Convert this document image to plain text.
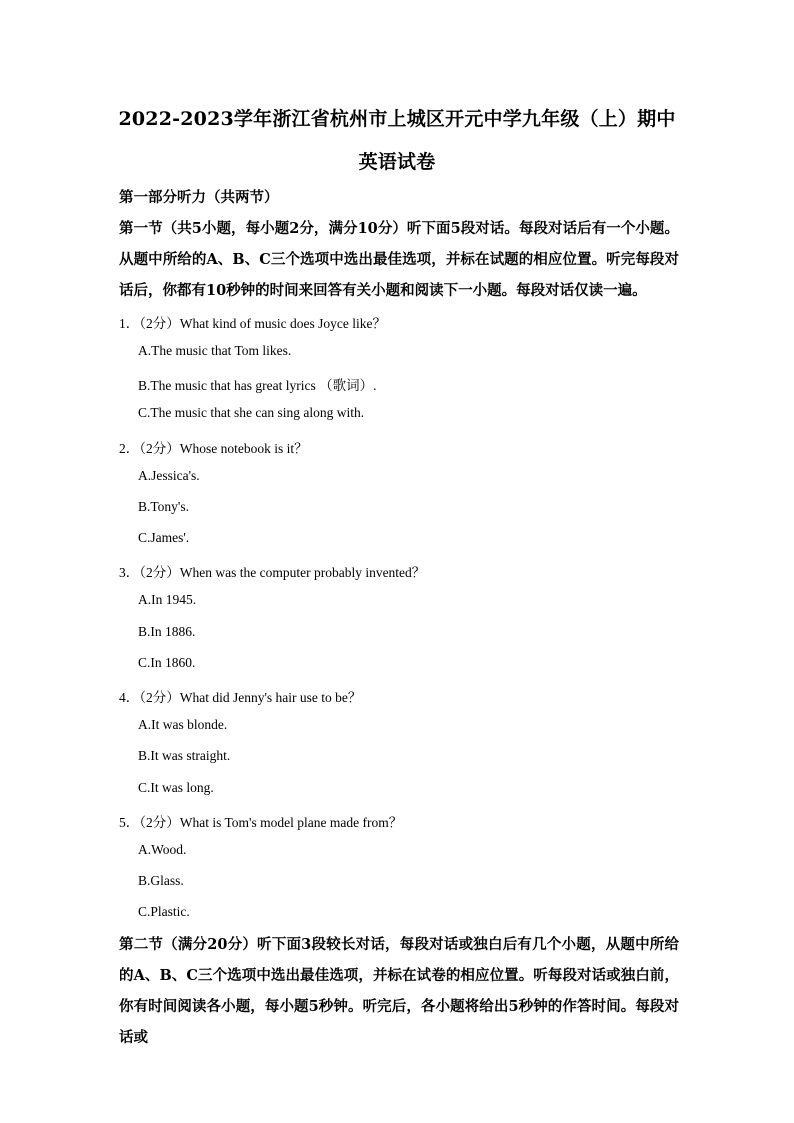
2022-2023学年浙江省杭州市上城区开元中学九年级（上）期中
英语试卷
第一部分听力（共两节）
第一节（共5小题，每小题2分，满分10分）听下面5段对话。每段对话后有一个小题。从题中所给的A、B、C三个选项中选出最佳选项，并标在试题的相应位置。听完每段对话后，你都有10秒钟的时间来回答有关小题和阅读下一小题。每段对话仅读一遍。
1．（2分）What kind of music does Joyce like？
A.The music that Tom likes.
B.The music that has great lyrics （歌词）.
C.The music that she can sing along with.
2．（2分）Whose notebook is it？
A.Jessica's.
B.Tony's.
C.James'.
3．（2分）When was the computer probably invented？
A.In 1945.
B.In 1886.
C.In 1860.
4．（2分）What did Jenny's hair use to be？
A.It was blonde.
B.It was straight.
C.It was long.
5．（2分）What is Tom's model plane made from？
A.Wood.
B.Glass.
C.Plastic.
第二节（满分20分）听下面3段较长对话，每段对话或独白后有几个小题，从题中所给的A、B、C三个选项中选出最佳选项，并标在试卷的相应位置。听每段对话或独白前，你有时间阅读各小题，每小题5秒钟。听完后，各小题将给出5秒钟的作答时间。每段对话或
